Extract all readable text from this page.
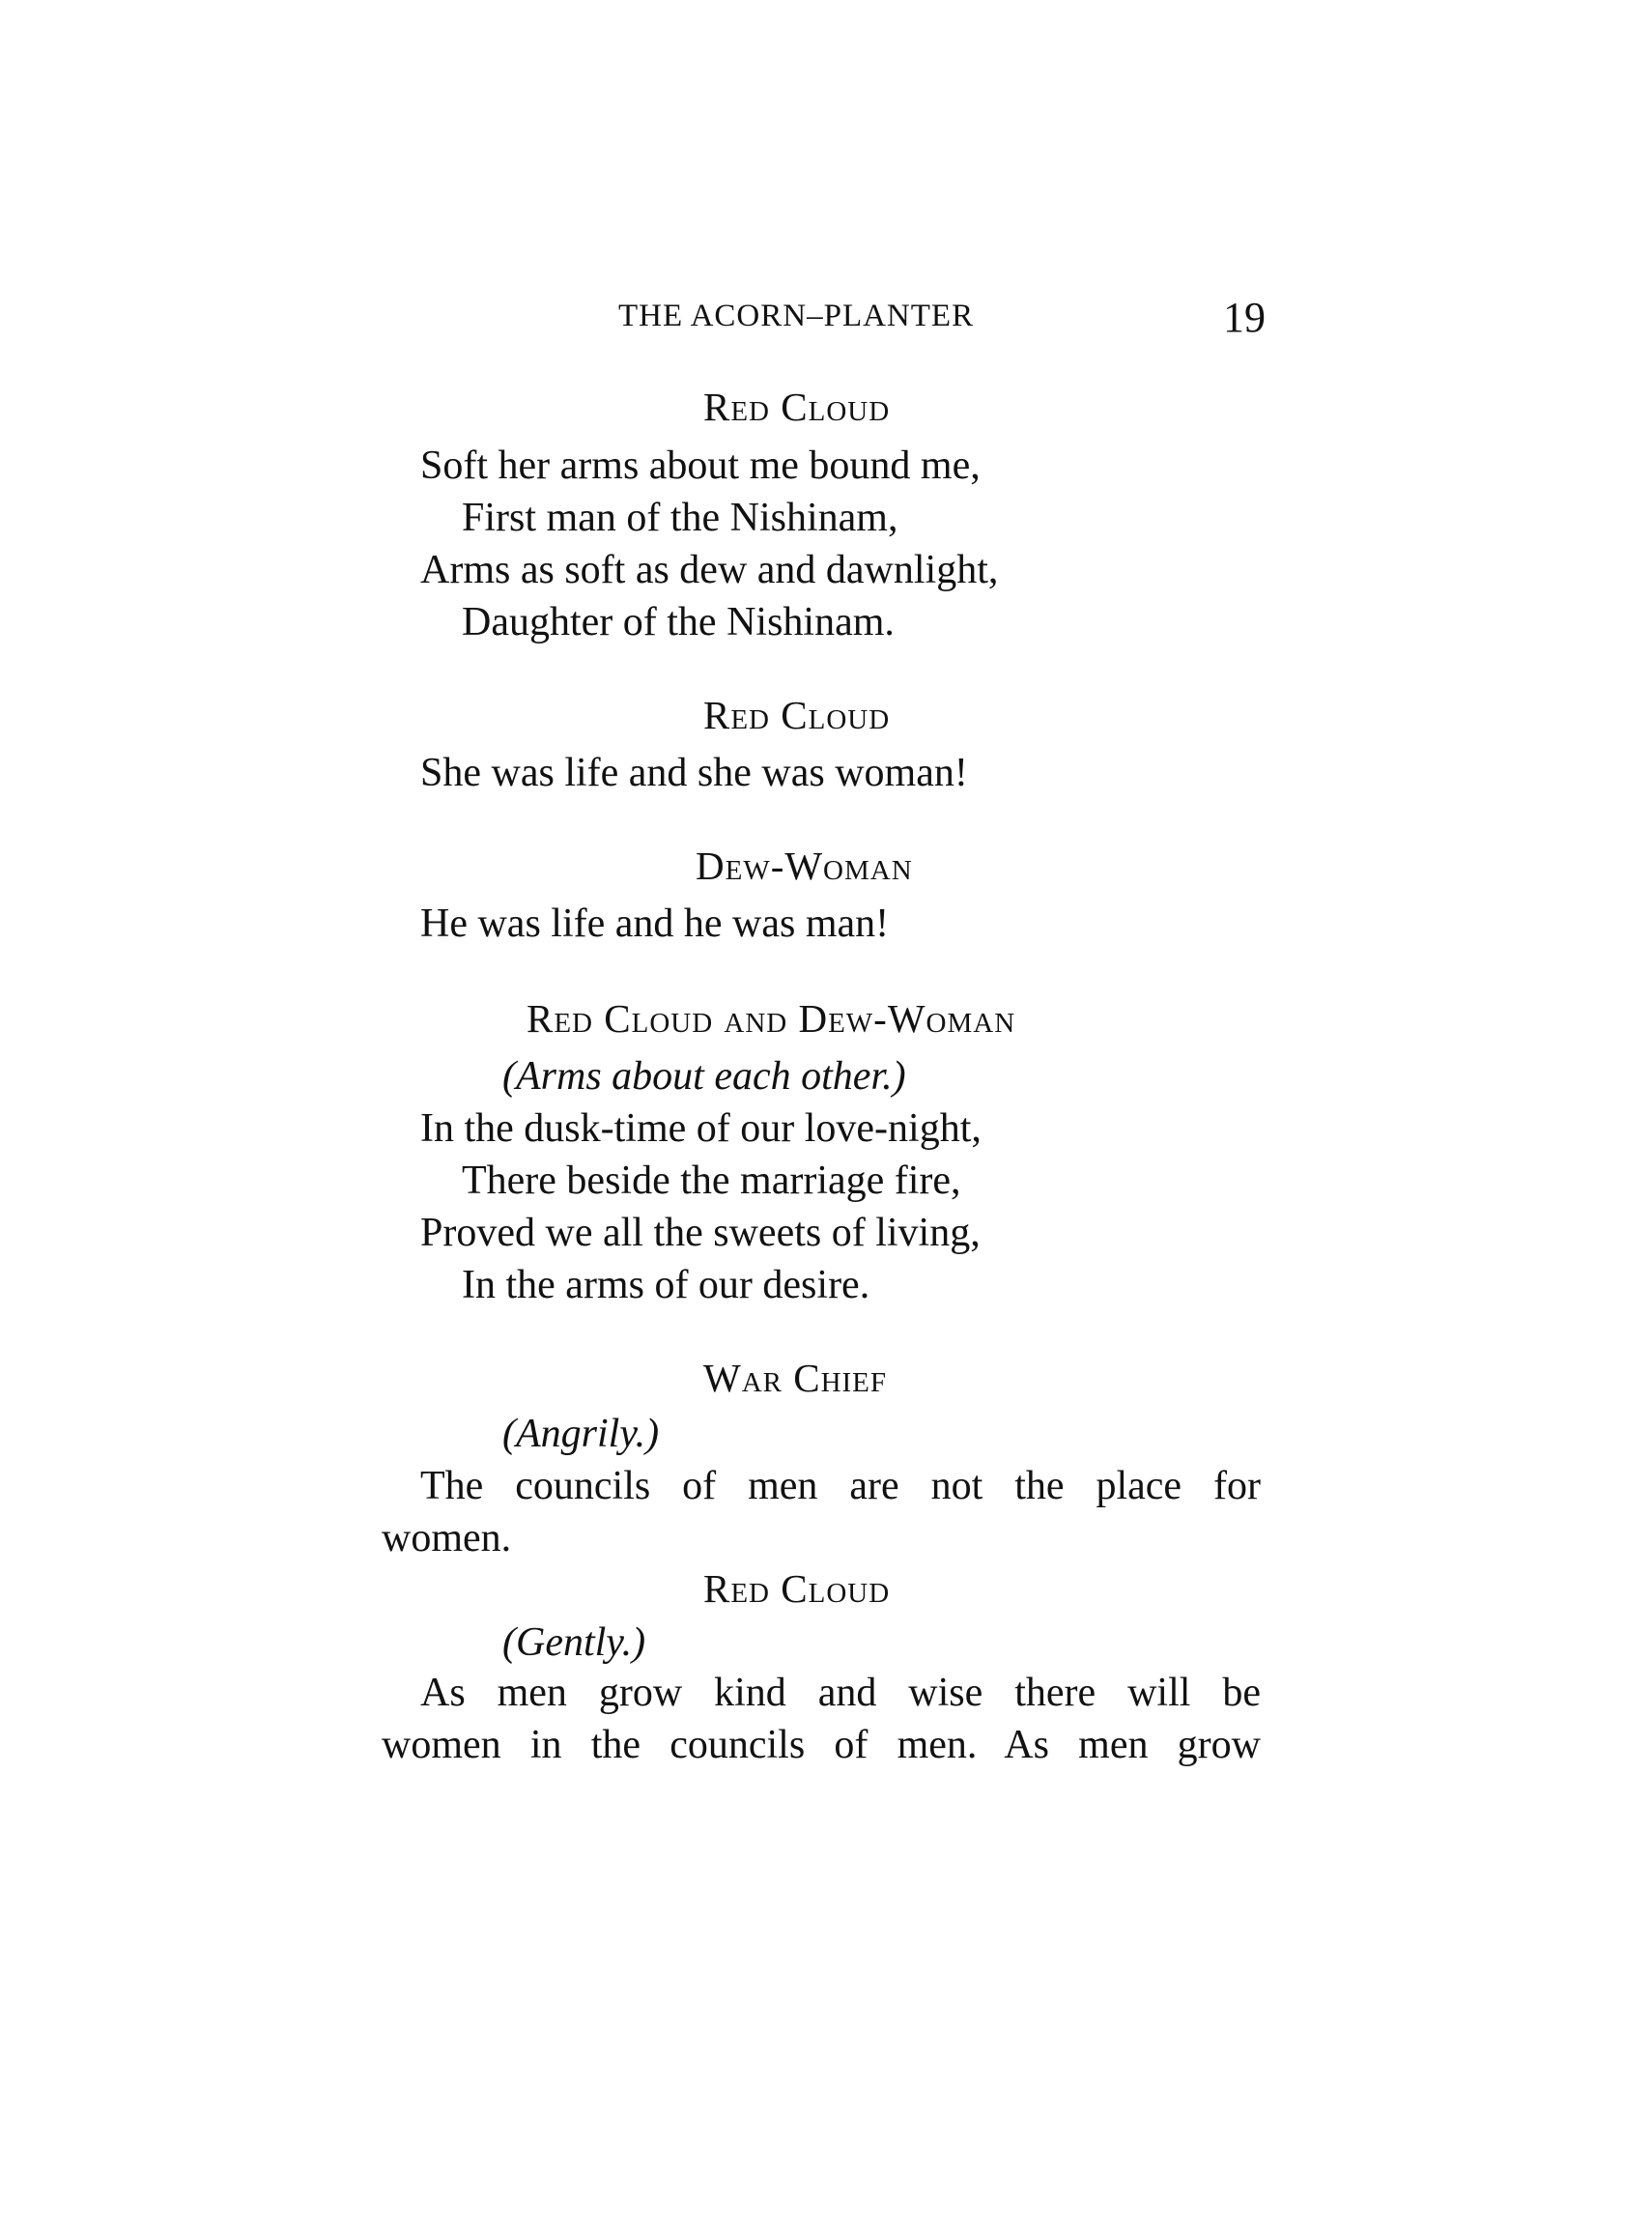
THE ACORN–PLANTER	19
Red Cloud
Soft her arms about me bound me,
First man of the Nishinam,
Arms as soft as dew and dawnlight,
Daughter of the Nishinam.
Red Cloud
She was life and she was woman!
Dew-Woman
He was life and he was man!
Red Cloud and Dew-Woman
(Arms about each other.)
In the dusk-time of our love-night,
There beside the marriage fire,
Proved we all the sweets of living,
In the arms of our desire.
War Chief
(Angrily.)
The councils of men are not the place for
women.
Red Cloud
(Gently.)
As men grow kind and wise there will be
women in the councils of men. As men grow
